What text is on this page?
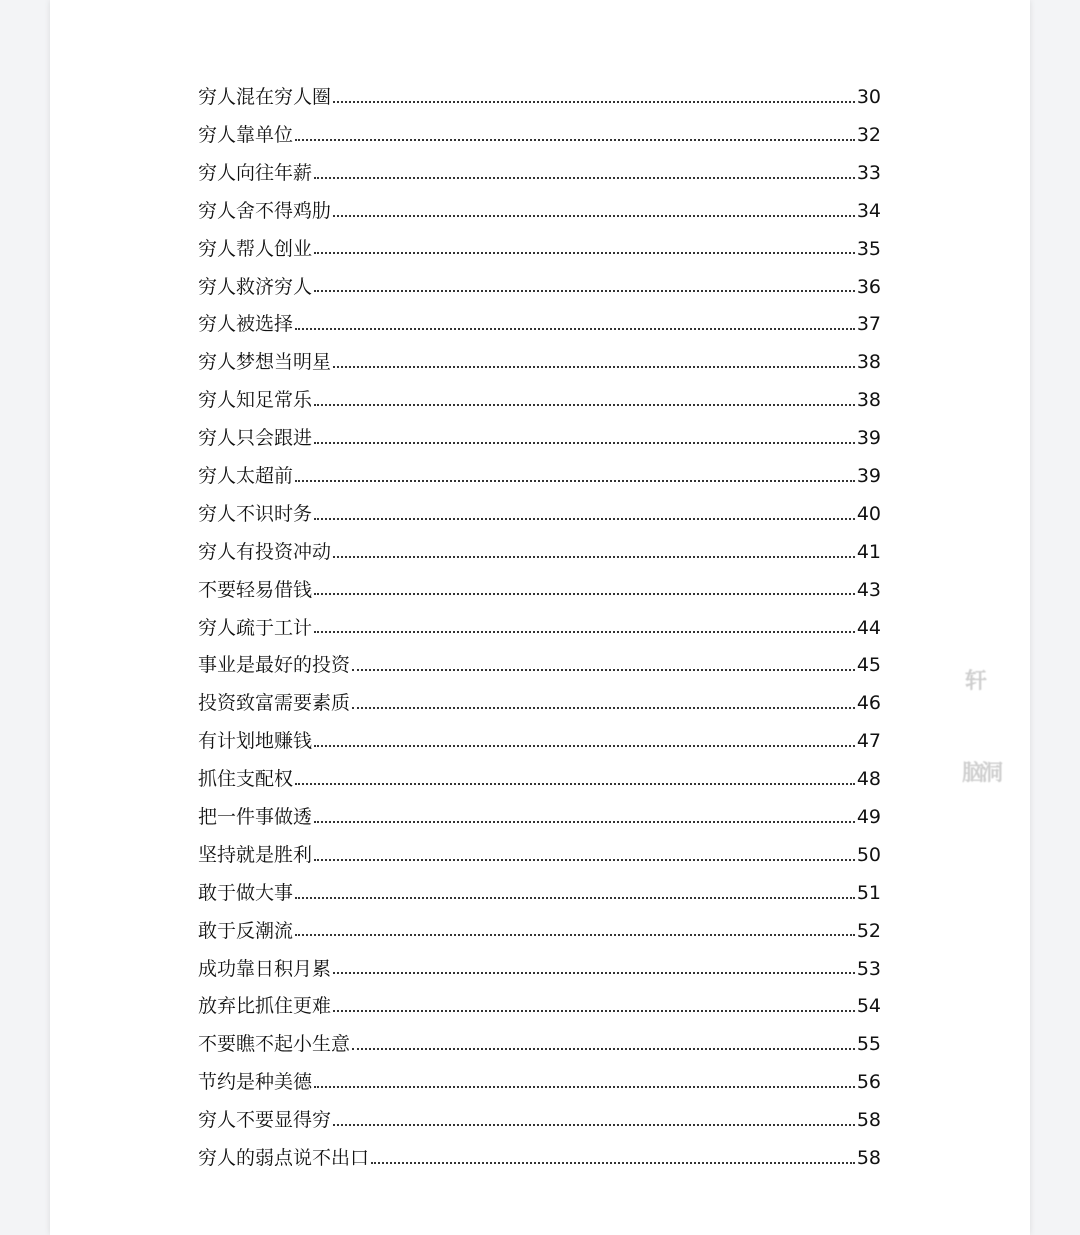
穷人混在穷人圈	30
穷人靠单位	32
穷人向往年薪	33
穷人舍不得鸡肋	34
穷人帮人创业	35
穷人救济穷人	36
穷人被选择	37
穷人梦想当明星	38
穷人知足常乐	38
穷人只会跟进	39
穷人太超前	39
穷人不识时务	40
穷人有投资冲动	41
不要轻易借钱	43
穷人疏于工计	44
事业是最好的投资	45
投资致富需要素质	46
有计划地赚钱	47
抓住支配权	48
把一件事做透	49
坚持就是胜利	50
敢于做大事	51
敢于反潮流	52
成功靠日积月累	53
放弃比抓住更难	54
不要瞧不起小生意	55
节约是种美德	56
穷人不要显得穷	58
穷人的弱点说不出口	58
轩
脑洞
